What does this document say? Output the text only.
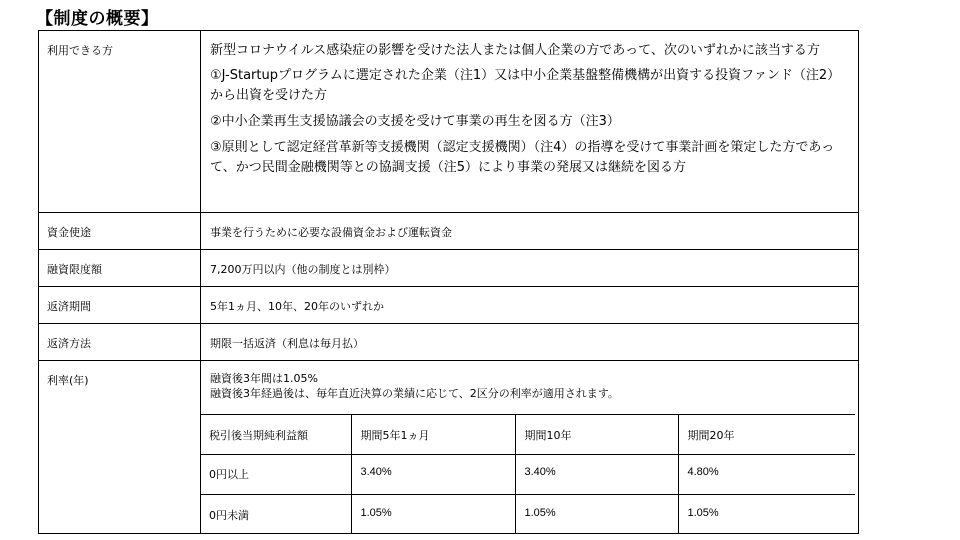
【制度の概要】
利用できる方	新型コロナウイルス感染症の影響を受けた法人または個人企業の方であって、次のいずれかに該当する方

①J-Startupプログラムに選定された企業（注1）又は中小企業基盤整備機構が出資する投資ファンド（注2）から出資を受けた方

②中小企業再生支援協議会の支援を受けて事業の再生を図る方（注3）

③原則として認定経営革新等支援機関（認定支援機関）（注4）の指導を受けて事業計画を策定した方であって、かつ民間金融機関等との協調支援（注5）により事業の発展又は継続を図る方

資金使途	事業を行うために必要な設備資金および運転資金
融資限度額	7,200万円以内（他の制度とは別枠）
返済期間	5年1ヵ月、10年、20年のいずれか
返済方法	期限一括返済（利息は毎月払）
利率(年)	融資後3年間は1.05%
融資後3年経過後は、毎年直近決算の業績に応じて、2区分の利率が適用されます。
税引後当期純利益額	期間5年1ヵ月	期間10年	期間20年
0円以上	3.40%	3.40%	4.80%
0円未満	1.05%	1.05%	1.05%
